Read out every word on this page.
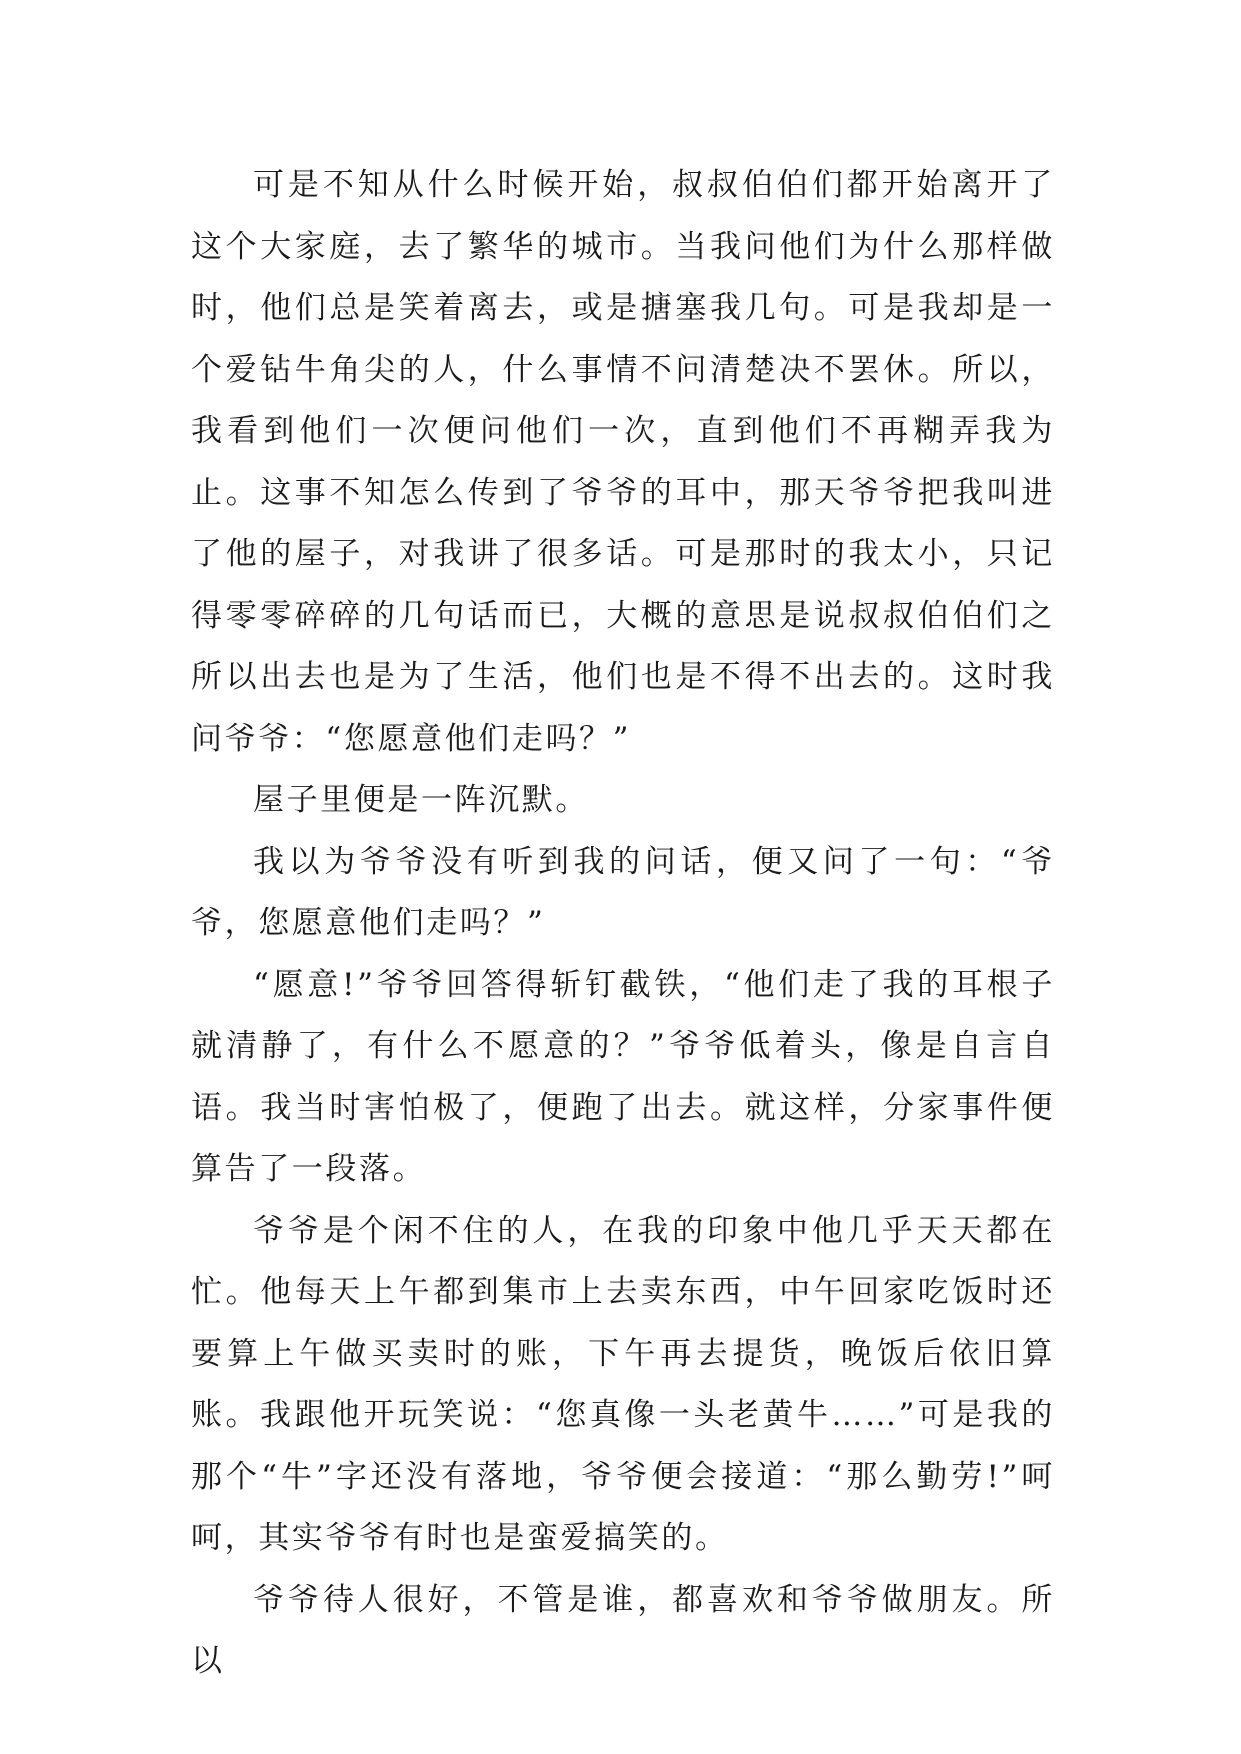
可是不知从什么时候开始，叔叔伯伯们都开始离开了这个大家庭，去了繁华的城市。当我问他们为什么那样做时，他们总是笑着离去，或是搪塞我几句。可是我却是一个爱钻牛角尖的人，什么事情不问清楚决不罢休。所以，我看到他们一次便问他们一次，直到他们不再糊弄我为止。这事不知怎么传到了爷爷的耳中，那天爷爷把我叫进了他的屋子，对我讲了很多话。可是那时的我太小，只记得零零碎碎的几句话而已，大概的意思是说叔叔伯伯们之所以出去也是为了生活，他们也是不得不出去的。这时我问爷爷：“您愿意他们走吗？”

屋子里便是一阵沉默。

我以为爷爷没有听到我的问话，便又问了一句：“爷爷，您愿意他们走吗？”

“愿意!”爷爷回答得斩钉截铁，“他们走了我的耳根子就清静了，有什么不愿意的？”爷爷低着头，像是自言自语。我当时害怕极了，便跑了出去。就这样，分家事件便算告了一段落。

爷爷是个闲不住的人，在我的印象中他几乎天天都在忙。他每天上午都到集市上去卖东西，中午回家吃饭时还要算上午做买卖时的账，下午再去提货，晚饭后依旧算账。我跟他开玩笑说：“您真像一头老黄牛……”可是我的那个“牛”字还没有落地，爷爷便会接道：“那么勤劳!”呵呵，其实爷爷有时也是蛮爱搞笑的。

爷爷待人很好，不管是谁，都喜欢和爷爷做朋友。所以
